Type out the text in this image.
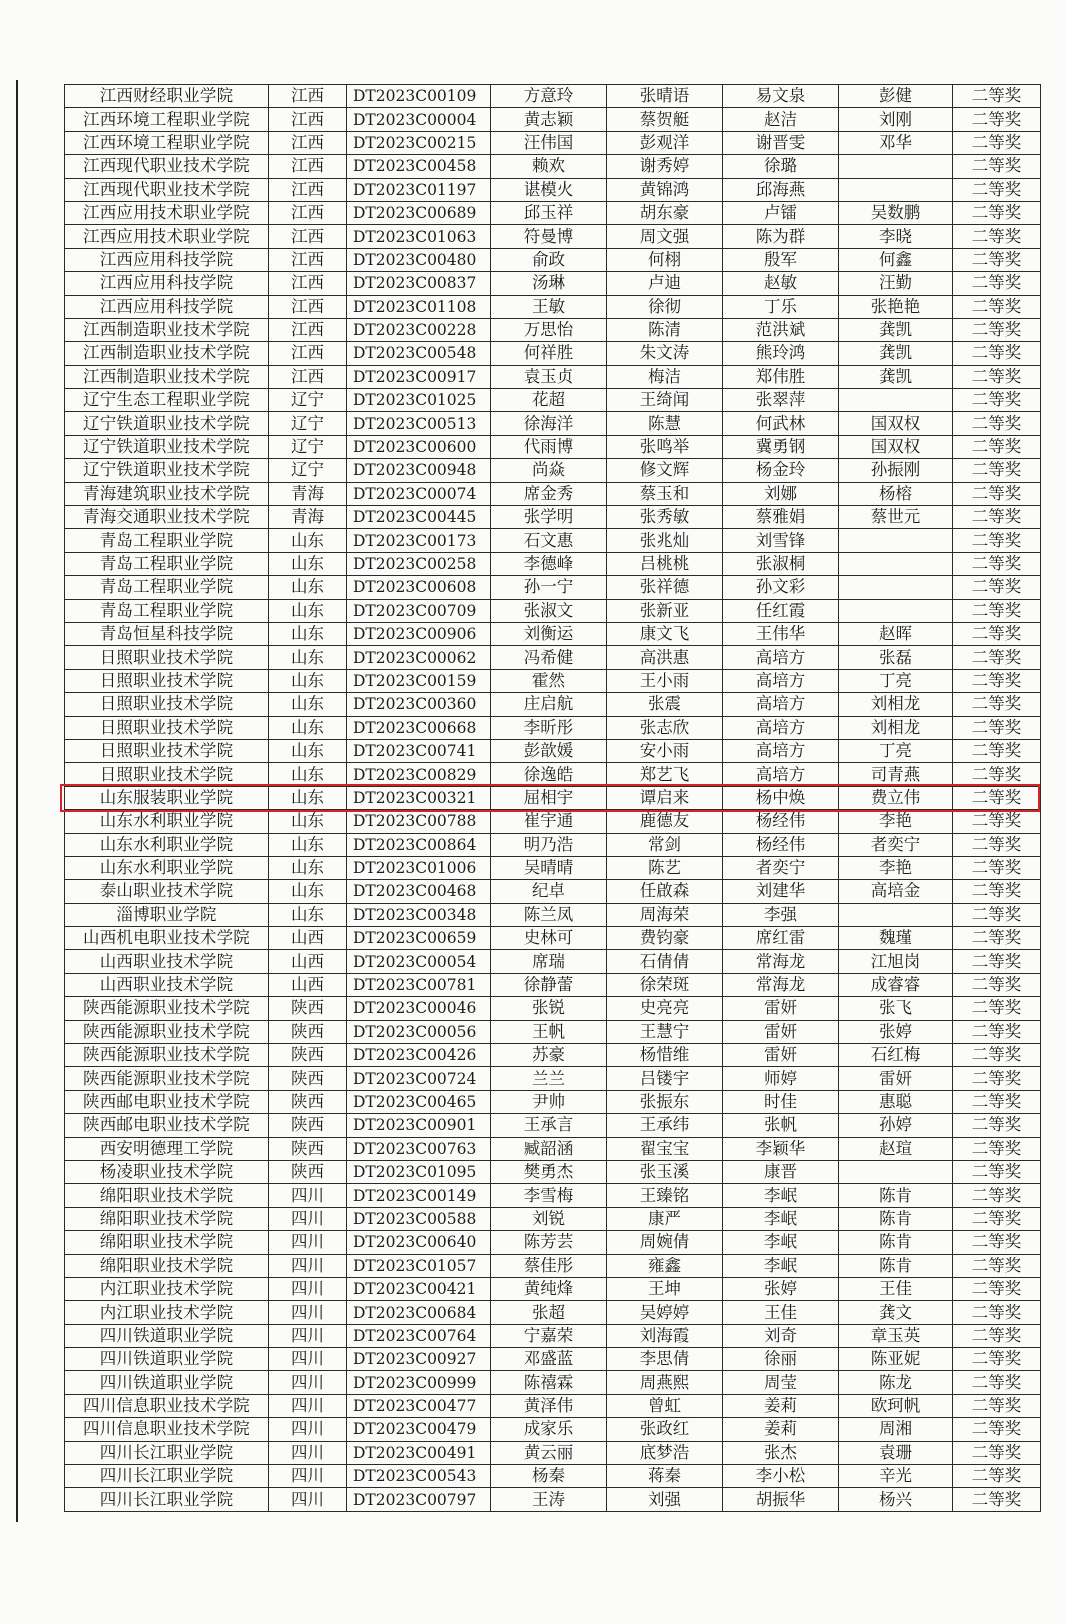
江西财经职业学院	江西	DT2023C00109	方意玲	张晴语	易文泉	彭健	二等奖
江西环境工程职业学院	江西	DT2023C00004	黄志颖	蔡贺艇	赵洁	刘刚	二等奖
江西环境工程职业学院	江西	DT2023C00215	汪伟国	彭观洋	谢晋雯	邓华	二等奖
江西现代职业技术学院	江西	DT2023C00458	赖欢	谢秀婷	徐璐		二等奖
江西现代职业技术学院	江西	DT2023C01197	谌模火	黄锦鸿	邱海燕		二等奖
江西应用技术职业学院	江西	DT2023C00689	邱玉祥	胡东豪	卢镭	吴数鹏	二等奖
江西应用技术职业学院	江西	DT2023C01063	符曼博	周文强	陈为群	李晓	二等奖
江西应用科技学院	江西	DT2023C00480	俞政	何栩	殷军	何鑫	二等奖
江西应用科技学院	江西	DT2023C00837	汤琳	卢迪	赵敏	汪勤	二等奖
江西应用科技学院	江西	DT2023C01108	王敏	徐彻	丁乐	张艳艳	二等奖
江西制造职业技术学院	江西	DT2023C00228	万思怡	陈清	范洪斌	龚凯	二等奖
江西制造职业技术学院	江西	DT2023C00548	何祥胜	朱文涛	熊玲鸿	龚凯	二等奖
江西制造职业技术学院	江西	DT2023C00917	袁玉贞	梅洁	郑伟胜	龚凯	二等奖
辽宁生态工程职业学院	辽宁	DT2023C01025	花超	王绮闻	张翠萍		二等奖
辽宁铁道职业技术学院	辽宁	DT2023C00513	徐海洋	陈慧	何武林	国双权	二等奖
辽宁铁道职业技术学院	辽宁	DT2023C00600	代雨博	张鸣举	冀勇钢	国双权	二等奖
辽宁铁道职业技术学院	辽宁	DT2023C00948	尚焱	修文辉	杨金玲	孙振刚	二等奖
青海建筑职业技术学院	青海	DT2023C00074	席金秀	蔡玉和	刘娜	杨榕	二等奖
青海交通职业技术学院	青海	DT2023C00445	张学明	张秀敏	蔡雅娟	蔡世元	二等奖
青岛工程职业学院	山东	DT2023C00173	石文惠	张兆灿	刘雪锋		二等奖
青岛工程职业学院	山东	DT2023C00258	李德峰	吕桃桃	张淑桐		二等奖
青岛工程职业学院	山东	DT2023C00608	孙一宁	张祥德	孙文彩		二等奖
青岛工程职业学院	山东	DT2023C00709	张淑文	张新亚	任红霞		二等奖
青岛恒星科技学院	山东	DT2023C00906	刘衡运	康文飞	王伟华	赵晖	二等奖
日照职业技术学院	山东	DT2023C00062	冯希健	高洪惠	高培方	张磊	二等奖
日照职业技术学院	山东	DT2023C00159	霍然	王小雨	高培方	丁亮	二等奖
日照职业技术学院	山东	DT2023C00360	庄启航	张震	高培方	刘相龙	二等奖
日照职业技术学院	山东	DT2023C00668	李昕彤	张志欣	高培方	刘相龙	二等奖
日照职业技术学院	山东	DT2023C00741	彭歆媛	安小雨	高培方	丁亮	二等奖
日照职业技术学院	山东	DT2023C00829	徐逸皓	郑艺飞	高培方	司青燕	二等奖
山东服装职业学院	山东	DT2023C00321	屈相宇	谭启来	杨中焕	费立伟	二等奖
山东水利职业学院	山东	DT2023C00788	崔宇通	鹿德友	杨经伟	李艳	二等奖
山东水利职业学院	山东	DT2023C00864	明乃浩	常剑	杨经伟	者奕宁	二等奖
山东水利职业学院	山东	DT2023C01006	吴晴晴	陈艺	者奕宁	李艳	二等奖
泰山职业技术学院	山东	DT2023C00468	纪卓	任啟森	刘建华	高培金	二等奖
淄博职业学院	山东	DT2023C00348	陈兰凤	周海荣	李强		二等奖
山西机电职业技术学院	山西	DT2023C00659	史林可	费钧豪	席红雷	魏瑾	二等奖
山西职业技术学院	山西	DT2023C00054	席瑞	石倩倩	常海龙	江旭岗	二等奖
山西职业技术学院	山西	DT2023C00781	徐静蕾	徐荣斑	常海龙	成睿睿	二等奖
陕西能源职业技术学院	陕西	DT2023C00046	张锐	史亮亮	雷妍	张飞	二等奖
陕西能源职业技术学院	陕西	DT2023C00056	王帆	王慧宁	雷妍	张婷	二等奖
陕西能源职业技术学院	陕西	DT2023C00426	苏豪	杨惜维	雷妍	石红梅	二等奖
陕西能源职业技术学院	陕西	DT2023C00724	兰兰	吕镂宇	师婷	雷妍	二等奖
陕西邮电职业技术学院	陕西	DT2023C00465	尹帅	张振东	时佳	惠聪	二等奖
陕西邮电职业技术学院	陕西	DT2023C00901	王承言	王承纬	张帆	孙婷	二等奖
西安明德理工学院	陕西	DT2023C00763	臧韶涵	翟宝宝	李颖华	赵瑄	二等奖
杨凌职业技术学院	陕西	DT2023C01095	樊勇杰	张玉溪	康晋		二等奖
绵阳职业技术学院	四川	DT2023C00149	李雪梅	王臻铭	李岷	陈肯	二等奖
绵阳职业技术学院	四川	DT2023C00588	刘锐	康严	李岷	陈肯	二等奖
绵阳职业技术学院	四川	DT2023C00640	陈芳芸	周婉倩	李岷	陈肯	二等奖
绵阳职业技术学院	四川	DT2023C01057	蔡佳彤	雍鑫	李岷	陈肯	二等奖
内江职业技术学院	四川	DT2023C00421	黄纯烽	王坤	张婷	王佳	二等奖
内江职业技术学院	四川	DT2023C00684	张超	吴婷婷	王佳	龚文	二等奖
四川铁道职业学院	四川	DT2023C00764	宁嘉荣	刘海霞	刘奇	章玉英	二等奖
四川铁道职业学院	四川	DT2023C00927	邓盛蓝	李思倩	徐丽	陈亚妮	二等奖
四川铁道职业学院	四川	DT2023C00999	陈禧霖	周燕熙	周莹	陈龙	二等奖
四川信息职业技术学院	四川	DT2023C00477	黄泽伟	曾虹	姜莉	欧珂帆	二等奖
四川信息职业技术学院	四川	DT2023C00479	成家乐	张政红	姜莉	周湘	二等奖
四川长江职业学院	四川	DT2023C00491	黄云丽	底梦浩	张杰	袁珊	二等奖
四川长江职业学院	四川	DT2023C00543	杨秦	蒋秦	李小松	辛光	二等奖
四川长江职业学院	四川	DT2023C00797	王涛	刘强	胡振华	杨兴	二等奖
